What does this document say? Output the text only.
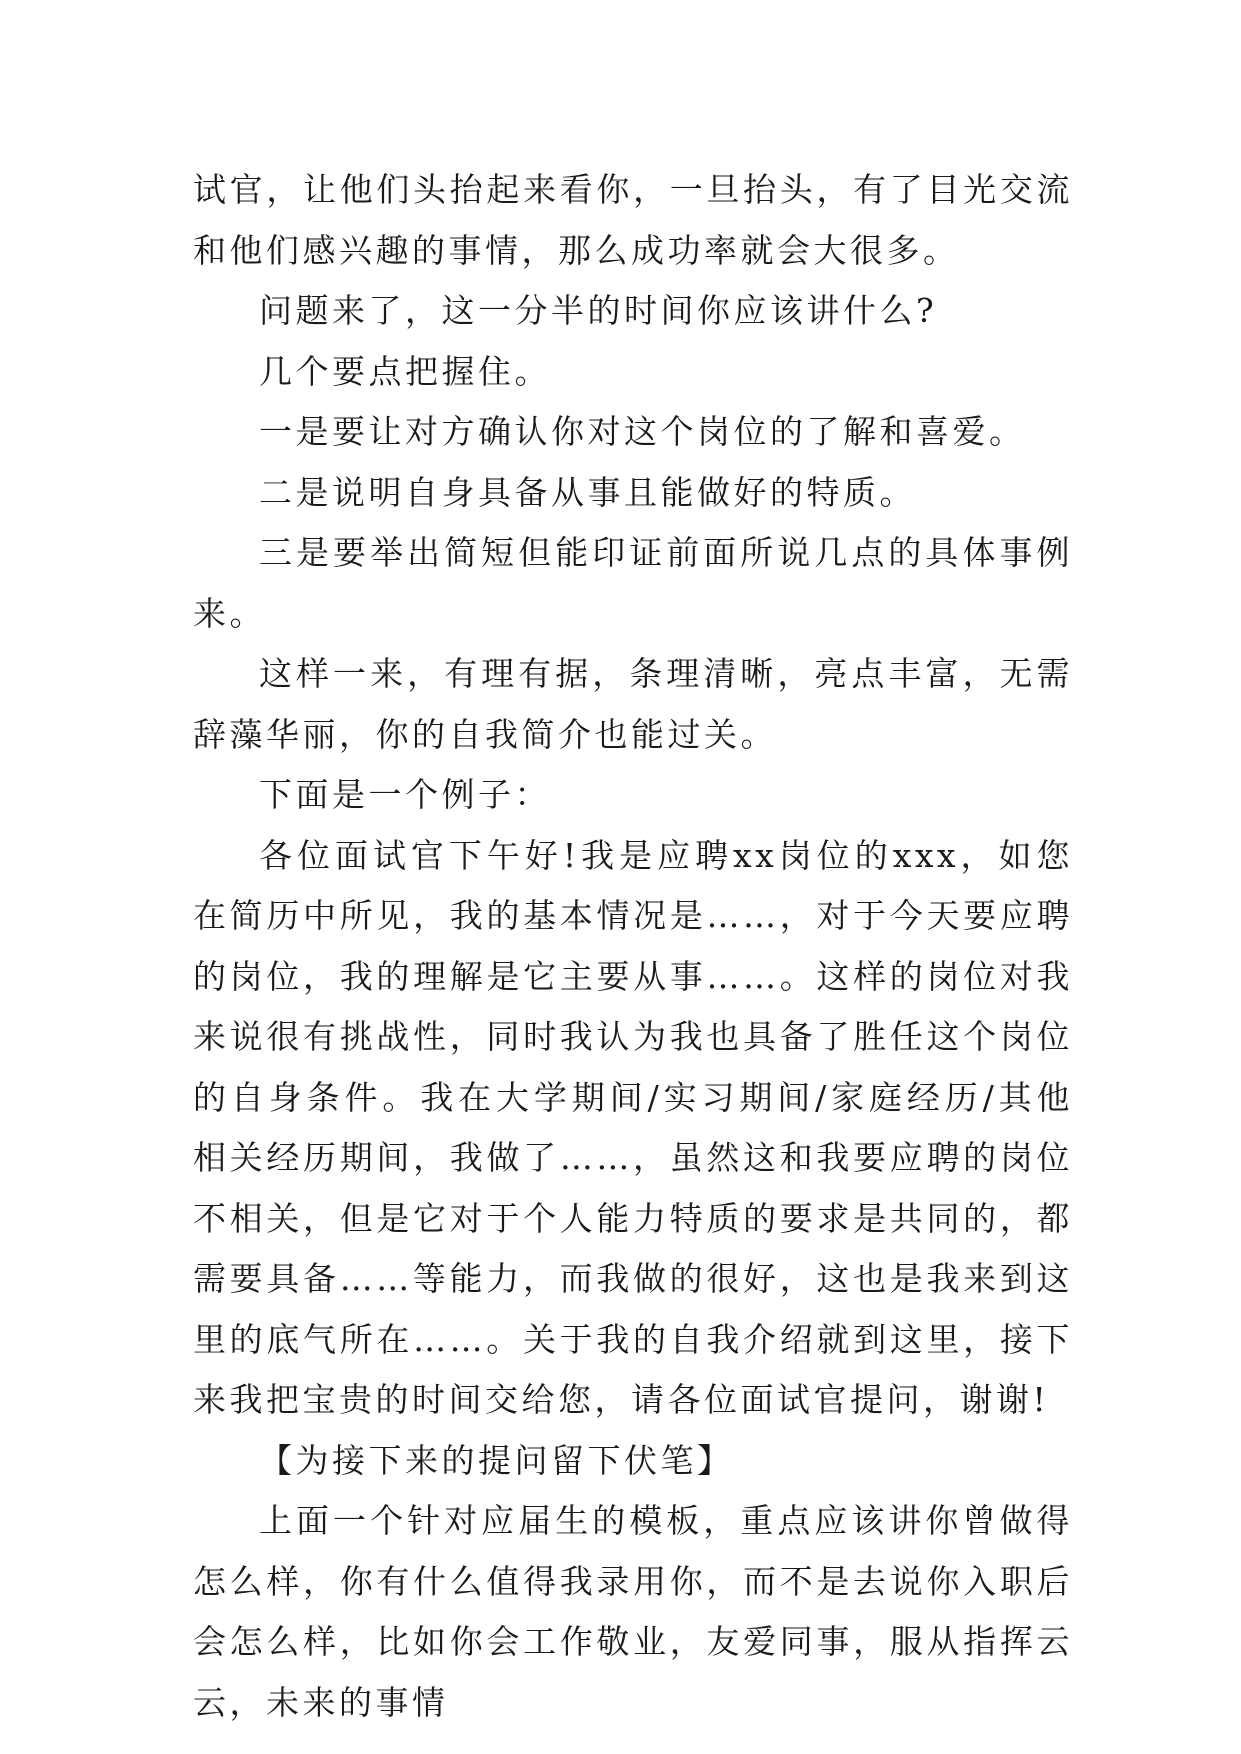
试官，让他们头抬起来看你，一旦抬头，有了目光交流和他们感兴趣的事情，那么成功率就会大很多。

问题来了，这一分半的时间你应该讲什么?

几个要点把握住。

一是要让对方确认你对这个岗位的了解和喜爱。

二是说明自身具备从事且能做好的特质。

三是要举出简短但能印证前面所说几点的具体事例来。

这样一来，有理有据，条理清晰，亮点丰富，无需辞藻华丽，你的自我简介也能过关。

下面是一个例子：

各位面试官下午好!我是应聘xx岗位的xxx，如您在简历中所见，我的基本情况是……，对于今天要应聘的岗位，我的理解是它主要从事……。这样的岗位对我来说很有挑战性，同时我认为我也具备了胜任这个岗位的自身条件。我在大学期间/实习期间/家庭经历/其他相关经历期间，我做了……，虽然这和我要应聘的岗位不相关，但是它对于个人能力特质的要求是共同的，都需要具备……等能力，而我做的很好，这也是我来到这里的底气所在……。关于我的自我介绍就到这里，接下来我把宝贵的时间交给您，请各位面试官提问，谢谢!

【为接下来的提问留下伏笔】

上面一个针对应届生的模板，重点应该讲你曾做得怎么样，你有什么值得我录用你，而不是去说你入职后会怎么样，比如你会工作敬业，友爱同事，服从指挥云云，未来的事情
